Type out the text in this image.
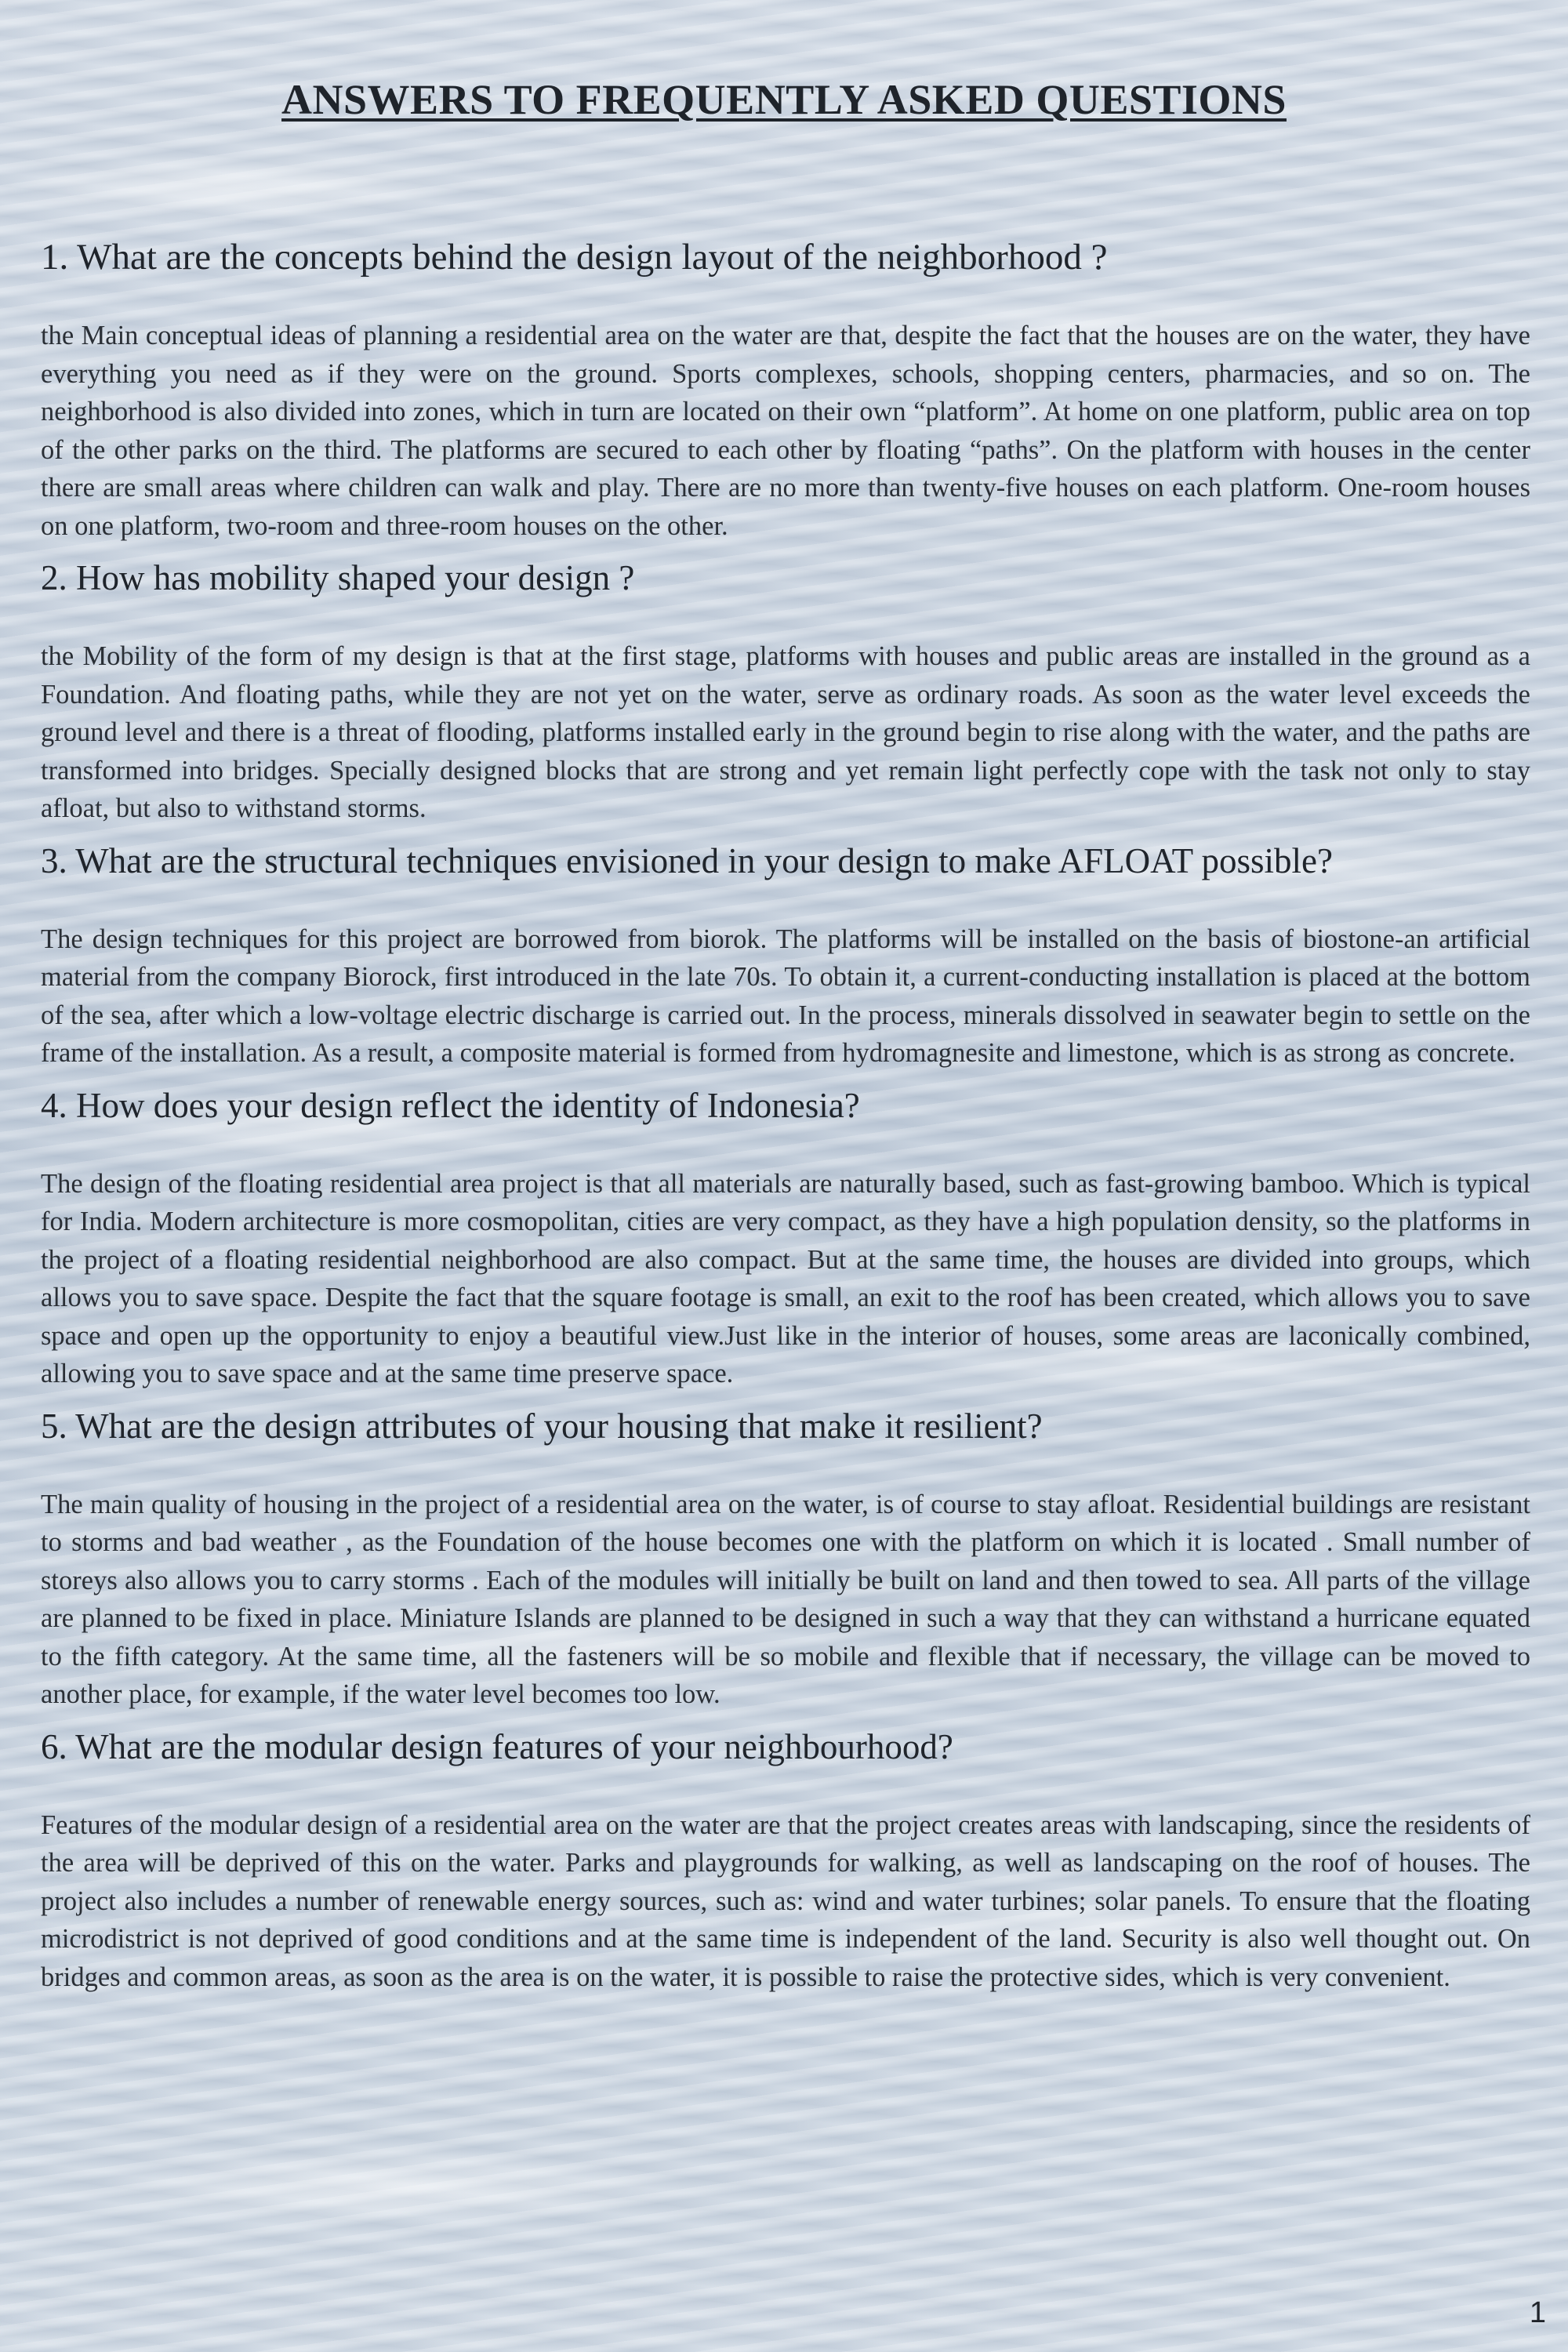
ANSWERS TO FREQUENTLY ASKED QUESTIONS
1. What are the concepts behind the design layout of the neighborhood ?

the Main conceptual ideas of planning a residential area on the water are that, despite the fact that the houses are on the water, they have everything you need as if they were on the ground. Sports complexes, schools, shopping centers, pharmacies, and so on. The neighborhood is also divided into zones, which in turn are located on their own “platform”. At home on one platform, public area on top of the other parks on the third. The platforms are secured to each other by floating “paths”. On the platform with houses in the center there are small areas where children can walk and play. There are no more than twenty-five houses on each platform. One-room houses on one platform, two-room and three-room houses on the other.

2. How has mobility shaped your design ?

the Mobility of the form of my design is that at the first stage, platforms with houses and public areas are installed in the ground as a Foundation. And floating paths, while they are not yet on the water, serve as ordinary roads. As soon as the water level exceeds the ground level and there is a threat of flooding, platforms installed early in the ground begin to rise along with the water, and the paths are transformed into bridges. Specially designed blocks that are strong and yet remain light perfectly cope with the task not only to stay afloat, but also to withstand storms.

3. What are the structural techniques envisioned in your design to make AFLOAT possible?

The design techniques for this project are borrowed from biorok. The platforms will be installed on the basis of biostone-an artificial material from the company Biorock, first introduced in the late 70s. To obtain it, a current-conducting installation is placed at the bottom of the sea, after which a low-voltage electric discharge is carried out. In the process, minerals dissolved in seawater begin to settle on the frame of the installation. As a result, a composite material is formed from hydromagnesite and limestone, which is as strong as concrete.

4. How does your design reflect the identity of Indonesia?

The design of the floating residential area project is that all materials are naturally based, such as fast-growing bamboo. Which is typical for India. Modern architecture is more cosmopolitan, cities are very compact, as they have a high population density, so the platforms in the project of a floating residential neighborhood are also compact. But at the same time, the houses are divided into groups, which allows you to save space. Despite the fact that the square footage is small, an exit to the roof has been created, which allows you to save space and open up the opportunity to enjoy a beautiful view.Just like in the interior of houses, some areas are laconically combined, allowing you to save space and at the same time preserve space.

5. What are the design attributes of your housing that make it resilient?

The main quality of housing in the project of a residential area on the water, is of course to stay afloat. Residential buildings are resistant to storms and bad weather , as the Foundation of the house becomes one with the platform on which it is located . Small number of storeys also allows you to carry storms . Each of the modules will initially be built on land and then towed to sea. All parts of the village are planned to be fixed in place. Miniature Islands are planned to be designed in such a way that they can withstand a hurricane equated to the fifth category. At the same time, all the fasteners will be so mobile and flexible that if necessary, the village can be moved to another place, for example, if the water level becomes too low.

6. What are the modular design features of your neighbourhood?

Features of the modular design of a residential area on the water are that the project creates areas with landscaping, since the residents of the area will be deprived of this on the water. Parks and playgrounds for walking, as well as landscaping on the roof of houses. The project also includes a number of renewable energy sources, such as: wind and water turbines; solar panels. To ensure that the floating microdistrict is not deprived of good conditions and at the same time is independent of the land. Security is also well thought out. On bridges and common areas, as soon as the area is on the water, it is possible to raise the protective sides, which is very convenient.

1
